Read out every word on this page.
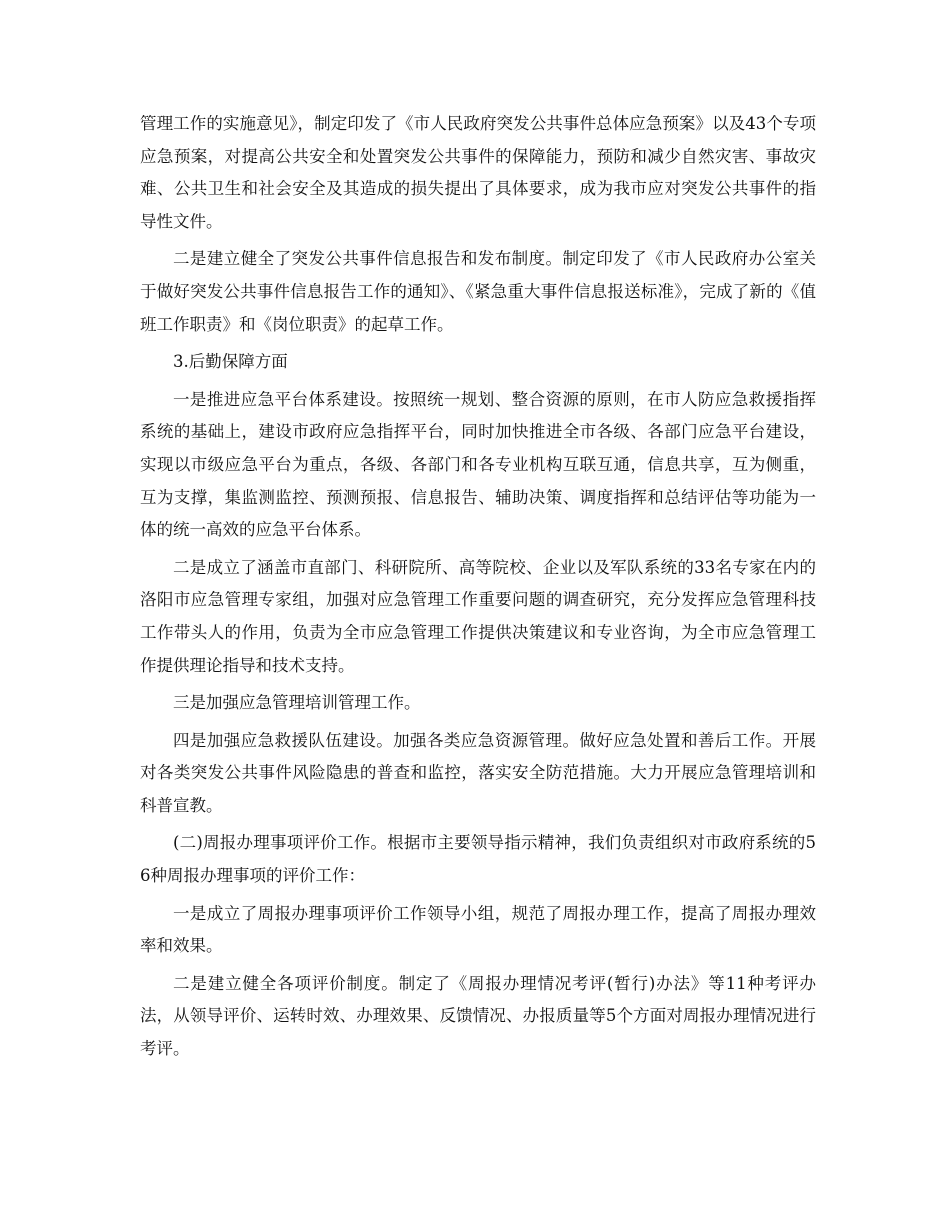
管理工作的实施意见》，制定印发了《市人民政府突发公共事件总体应急预案》以及43个专项应急预案，对提高公共安全和处置突发公共事件的保障能力，预防和减少自然灾害、事故灾难、公共卫生和社会安全及其造成的损失提出了具体要求，成为我市应对突发公共事件的指导性文件。

二是建立健全了突发公共事件信息报告和发布制度。制定印发了《市人民政府办公室关于做好突发公共事件信息报告工作的通知》、《紧急重大事件信息报送标准》，完成了新的《值班工作职责》和《岗位职责》的起草工作。

3.后勤保障方面

一是推进应急平台体系建设。按照统一规划、整合资源的原则，在市人防应急救援指挥系统的基础上，建设市政府应急指挥平台，同时加快推进全市各级、各部门应急平台建设，实现以市级应急平台为重点，各级、各部门和各专业机构互联互通，信息共享，互为侧重，互为支撑，集监测监控、预测预报、信息报告、辅助决策、调度指挥和总结评估等功能为一体的统一高效的应急平台体系。

二是成立了涵盖市直部门、科研院所、高等院校、企业以及军队系统的33名专家在内的洛阳市应急管理专家组，加强对应急管理工作重要问题的调查研究，充分发挥应急管理科技工作带头人的作用，负责为全市应急管理工作提供决策建议和专业咨询，为全市应急管理工作提供理论指导和技术支持。

三是加强应急管理培训管理工作。

四是加强应急救援队伍建设。加强各类应急资源管理。做好应急处置和善后工作。开展对各类突发公共事件风险隐患的普查和监控，落实安全防范措施。大力开展应急管理培训和科普宣教。

(二)周报办理事项评价工作。根据市主要领导指示精神，我们负责组织对市政府系统的56种周报办理事项的评价工作：

一是成立了周报办理事项评价工作领导小组，规范了周报办理工作，提高了周报办理效率和效果。

二是建立健全各项评价制度。制定了《周报办理情况考评(暂行)办法》等11种考评办法，从领导评价、运转时效、办理效果、反馈情况、办报质量等5个方面对周报办理情况进行考评。
